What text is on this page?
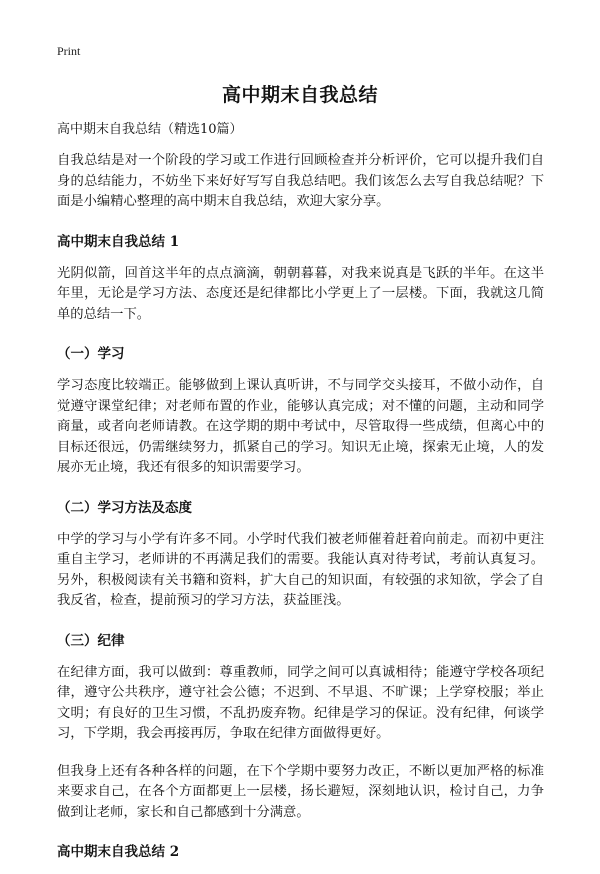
Print
高中期末自我总结
高中期末自我总结（精选10篇）

自我总结是对一个阶段的学习或工作进行回顾检查并分析评价，它可以提升我们自身的总结能力，不妨坐下来好好写写自我总结吧。我们该怎么去写自我总结呢？下面是小编精心整理的高中期末自我总结，欢迎大家分享。

高中期末自我总结 1

光阴似箭，回首这半年的点点滴滴，朝朝暮暮，对我来说真是飞跃的半年。在这半年里，无论是学习方法、态度还是纪律都比小学更上了一层楼。下面，我就这几简单的总结一下。

（一）学习

学习态度比较端正。能够做到上课认真听讲，不与同学交头接耳，不做小动作，自觉遵守课堂纪律；对老师布置的作业，能够认真完成；对不懂的问题，主动和同学商量，或者向老师请教。在这学期的期中考试中，尽管取得一些成绩，但离心中的目标还很远，仍需继续努力，抓紧自己的学习。知识无止境，探索无止境，人的发展亦无止境，我还有很多的知识需要学习。

（二）学习方法及态度

中学的学习与小学有许多不同。小学时代我们被老师催着赶着向前走。而初中更注重自主学习，老师讲的不再满足我们的需要。我能认真对待考试，考前认真复习。另外，积极阅读有关书籍和资料，扩大自己的知识面，有较强的求知欲，学会了自我反省，检查，提前预习的学习方法，获益匪浅。

（三）纪律

在纪律方面，我可以做到：尊重教师，同学之间可以真诚相待；能遵守学校各项纪律，遵守公共秩序，遵守社会公德；不迟到、不早退、不旷课；上学穿校服；举止文明；有良好的卫生习惯，不乱扔废弃物。纪律是学习的保证。没有纪律，何谈学习，下学期，我会再接再厉，争取在纪律方面做得更好。

但我身上还有各种各样的问题，在下个学期中要努力改正，不断以更加严格的标准来要求自己，在各个方面都更上一层楼，扬长避短，深刻地认识，检讨自己，力争做到让老师，家长和自己都感到十分满意。

高中期末自我总结 2
